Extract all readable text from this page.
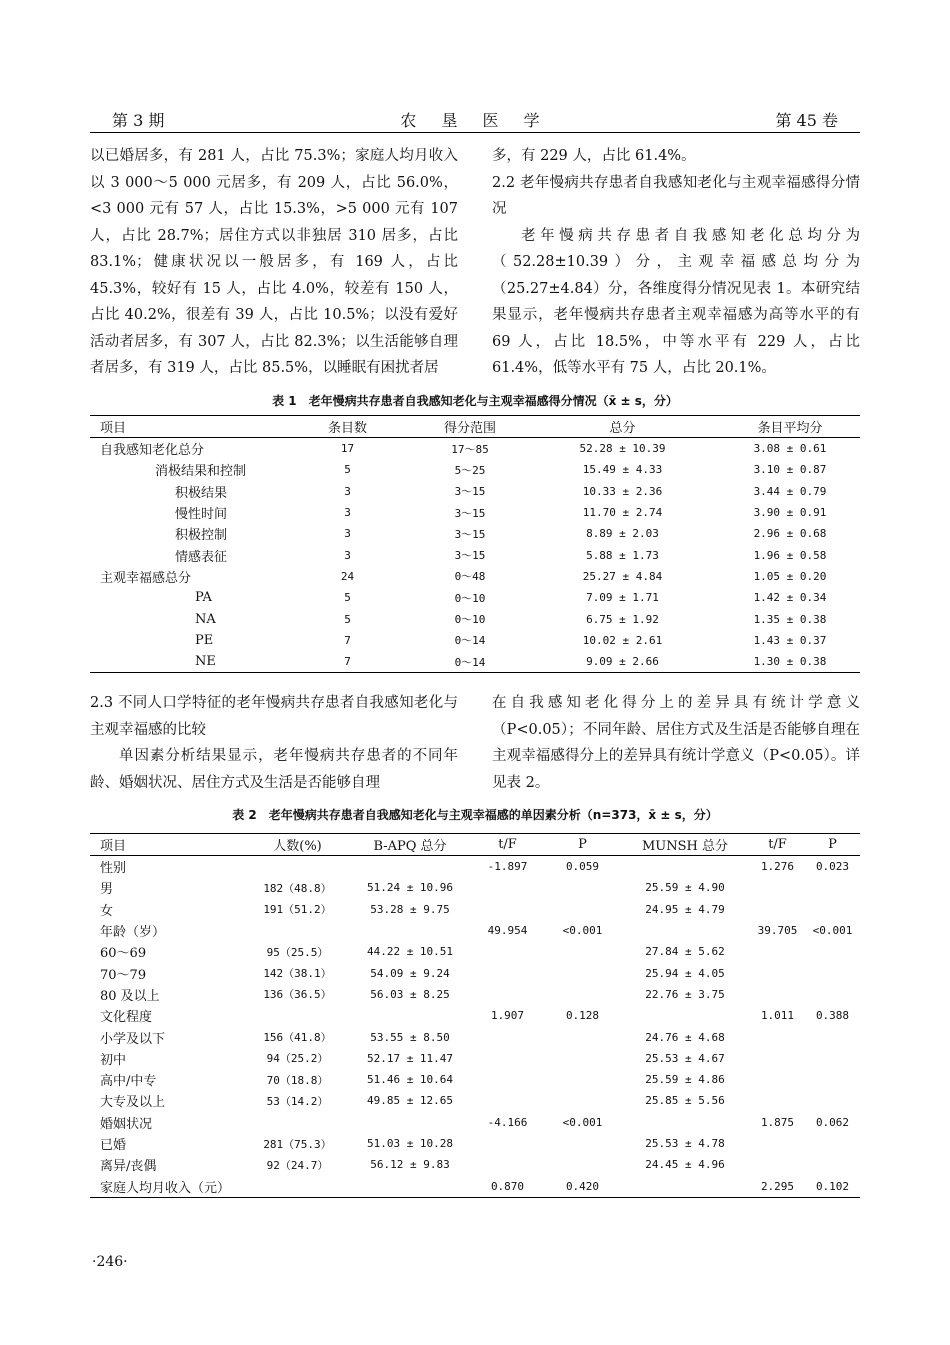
第 3 期	农 垦 医 学	第 45 卷

以已婚居多，有 281 人，占比 75.3%；家庭人均月收入以 3 000～5 000 元居多，有 209 人，占比 56.0%，<3 000 元有 57 人，占比 15.3%，>5 000 元有 107 人，占比 28.7%；居住方式以非独居 310 居多，占比 83.1%；健康状况以一般居多，有 169 人，占比 45.3%，较好有 15 人，占比 4.0%，较差有 150 人，占比 40.2%，很差有 39 人，占比 10.5%；以没有爱好活动者居多，有 307 人，占比 82.3%；以生活能够自理者居多，有 319 人，占比 85.5%，以睡眠有困扰者居

多，有 229 人，占比 61.4%。

2.2 老年慢病共存患者自我感知老化与主观幸福感得分情况

老年慢病共存患者自我感知老化总均分为（52.28±10.39）分，主观幸福感总均分为（25.27±4.84）分，各维度得分情况见表 1。本研究结果显示，老年慢病共存患者主观幸福感为高等水平的有 69 人，占比 18.5%，中等水平有 229 人，占比 61.4%，低等水平有 75 人，占比 20.1%。

表 1　老年慢病共存患者自我感知老化与主观幸福感得分情况（x̄ ± s，分）
项目	条目数	得分范围	总分	条目平均分
自我感知老化总分	17	17～85	52.28 ± 10.39	3.08 ± 0.61
消极结果和控制	5	5～25	15.49 ± 4.33	3.10 ± 0.87
积极结果	3	3～15	10.33 ± 2.36	3.44 ± 0.79
慢性时间	3	3～15	11.70 ± 2.74	3.90 ± 0.91
积极控制	3	3～15	8.89 ± 2.03	2.96 ± 0.68
情感表征	3	3～15	5.88 ± 1.73	1.96 ± 0.58
主观幸福感总分	24	0～48	25.27 ± 4.84	1.05 ± 0.20
PA	5	0～10	7.09 ± 1.71	1.42 ± 0.34
NA	5	0～10	6.75 ± 1.92	1.35 ± 0.38
PE	7	0～14	10.02 ± 2.61	1.43 ± 0.37
NE	7	0～14	9.09 ± 2.66	1.30 ± 0.38

2.3 不同人口学特征的老年慢病共存患者自我感知老化与主观幸福感的比较

单因素分析结果显示，老年慢病共存患者的不同年龄、婚姻状况、居住方式及生活是否能够自理

在自我感知老化得分上的差异具有统计学意义（P<0.05）；不同年龄、居住方式及生活是否能够自理在主观幸福感得分上的差异具有统计学意义（P<0.05）。详见表 2。

表 2　老年慢病共存患者自我感知老化与主观幸福感的单因素分析（n=373，x̄ ± s，分）
项目	人数(%)	B-APQ 总分	t/F	P	MUNSH 总分	t/F	P
性别			-1.897	0.059		1.276	0.023
男	182（48.8）	51.24 ± 10.96			25.59 ± 4.90		
女	191（51.2）	53.28 ± 9.75			24.95 ± 4.79		
年龄（岁）			49.954	<0.001		39.705	<0.001
60～69	95（25.5）	44.22 ± 10.51			27.84 ± 5.62		
70～79	142（38.1）	54.09 ± 9.24			25.94 ± 4.05		
80 及以上	136（36.5）	56.03 ± 8.25			22.76 ± 3.75		
文化程度			1.907	0.128		1.011	0.388
小学及以下	156（41.8）	53.55 ± 8.50			24.76 ± 4.68		
初中	94（25.2）	52.17 ± 11.47			25.53 ± 4.67		
高中/中专	70（18.8）	51.46 ± 10.64			25.59 ± 4.86		
大专及以上	53（14.2）	49.85 ± 12.65			25.85 ± 5.56		
婚姻状况			-4.166	<0.001		1.875	0.062
已婚	281（75.3）	51.03 ± 10.28			25.53 ± 4.78		
离异/丧偶	92（24.7）	56.12 ± 9.83			24.45 ± 4.96		
家庭人均月收入（元）			0.870	0.420		2.295	0.102
·246·
